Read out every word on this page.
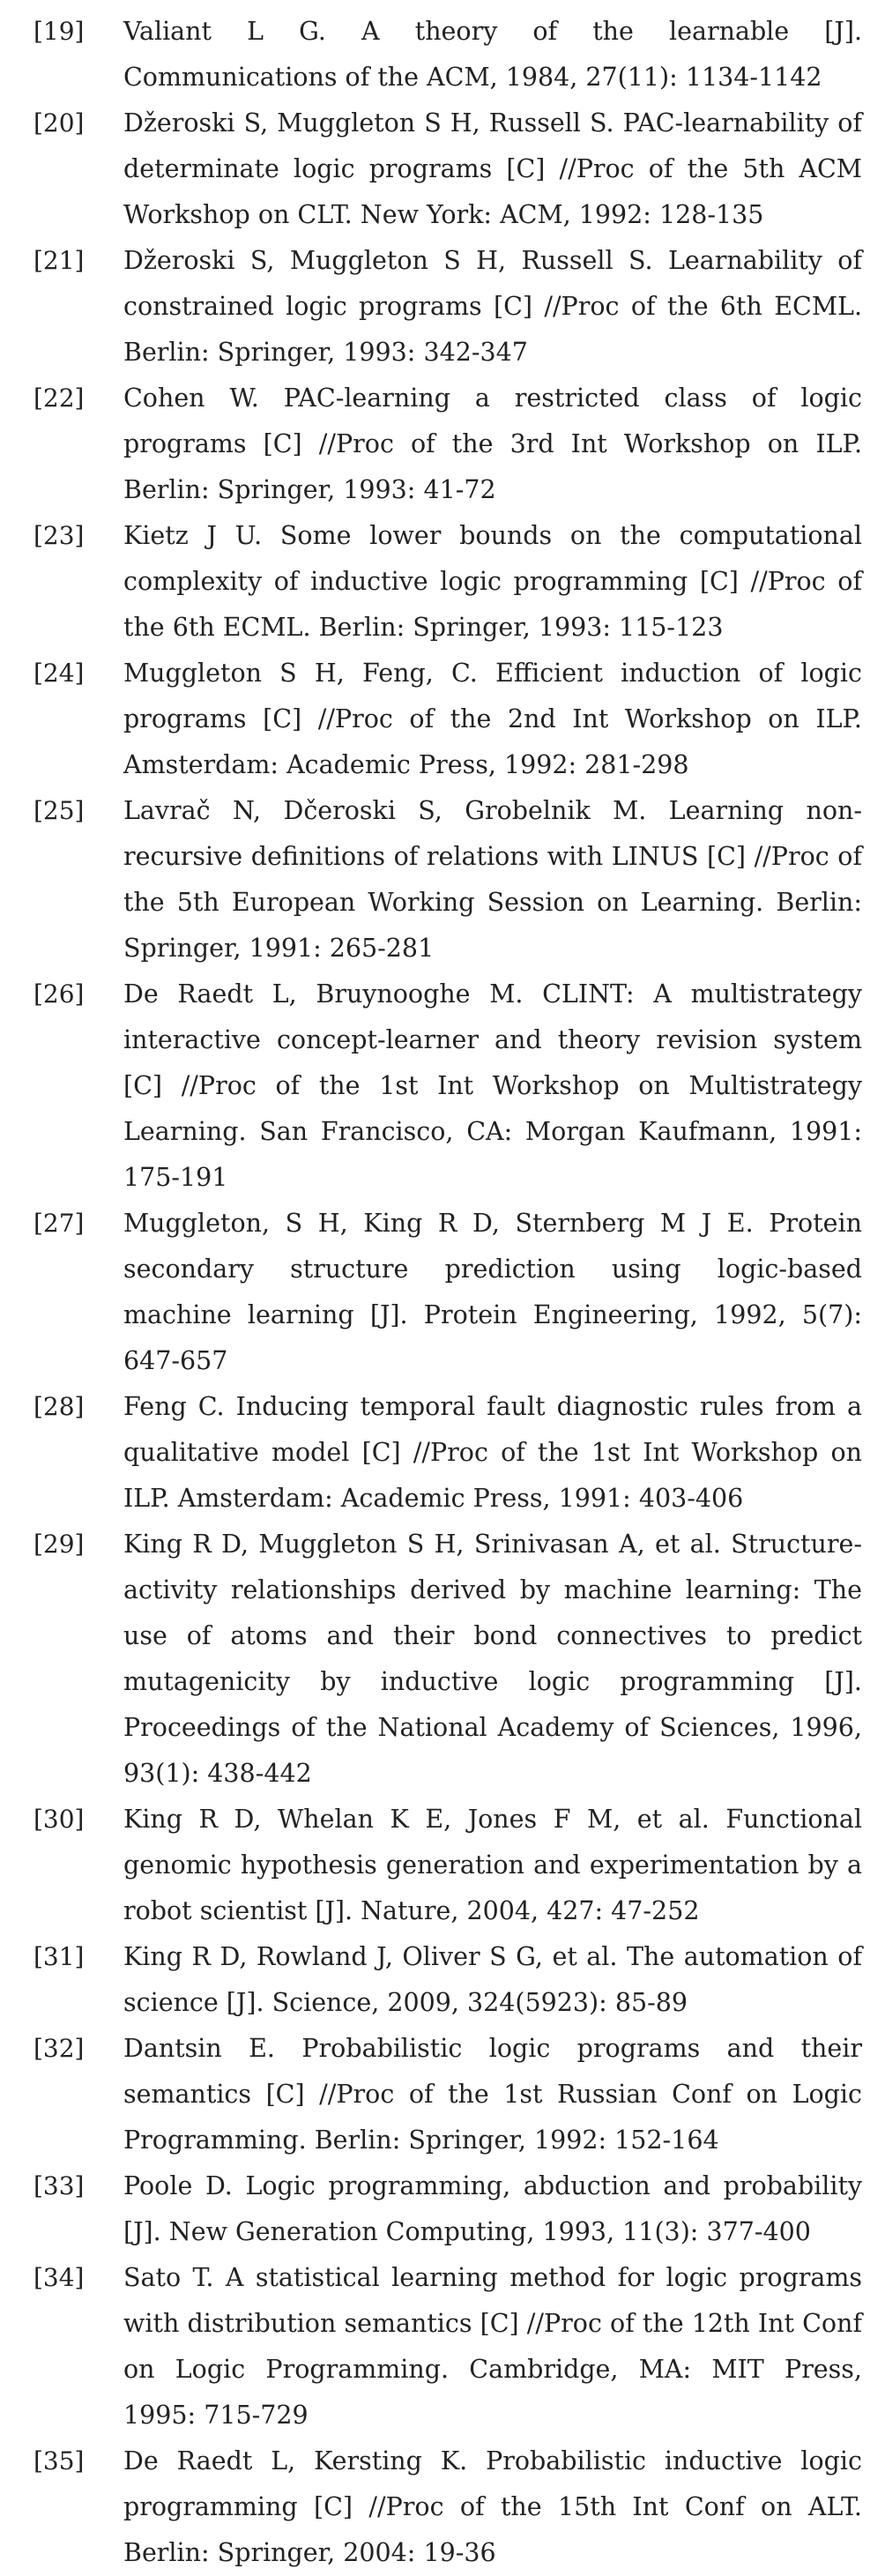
[19]	Valiant L G. A theory of the learnable [J]. Communications of the ACM, 1984, 27(11): 1134-1142
[20]	Džeroski S, Muggleton S H, Russell S. PAC-learnability of determinate logic programs [C] //Proc of the 5th ACM Workshop on CLT. New York: ACM, 1992: 128-135
[21]	Džeroski S, Muggleton S H, Russell S. Learnability of constrained logic programs [C] //Proc of the 6th ECML. Berlin: Springer, 1993: 342-347
[22]	Cohen W. PAC-learning a restricted class of logic programs [C] //Proc of the 3rd Int Workshop on ILP. Berlin: Springer, 1993: 41-72
[23]	Kietz J U. Some lower bounds on the computational complexity of inductive logic programming [C] //Proc of the 6th ECML. Berlin: Springer, 1993: 115-123
[24]	Muggleton S H, Feng, C. Efficient induction of logic programs [C] //Proc of the 2nd Int Workshop on ILP. Amsterdam: Academic Press, 1992: 281-298
[25]	Lavrač N, Dčeroski S, Grobelnik M. Learning non-recursive definitions of relations with LINUS [C] //Proc of the 5th European Working Session on Learning. Berlin: Springer, 1991: 265-281
[26]	De Raedt L, Bruynooghe M. CLINT: A multistrategy interactive concept-learner and theory revision system [C] //Proc of the 1st Int Workshop on Multistrategy Learning. San Francisco, CA: Morgan Kaufmann, 1991: 175-191
[27]	Muggleton, S H, King R D, Sternberg M J E. Protein secondary structure prediction using logic-based machine learning [J]. Protein Engineering, 1992, 5(7): 647-657
[28]	Feng C. Inducing temporal fault diagnostic rules from a qualitative model [C] //Proc of the 1st Int Workshop on ILP. Amsterdam: Academic Press, 1991: 403-406
[29]	King R D, Muggleton S H, Srinivasan A, et al. Structure-activity relationships derived by machine learning: The use of atoms and their bond connectives to predict mutagenicity by inductive logic programming [J]. Proceedings of the National Academy of Sciences, 1996, 93(1): 438-442
[30]	King R D, Whelan K E, Jones F M, et al. Functional genomic hypothesis generation and experimentation by a robot scientist [J]. Nature, 2004, 427: 47-252
[31]	King R D, Rowland J, Oliver S G, et al. The automation of science [J]. Science, 2009, 324(5923): 85-89
[32]	Dantsin E. Probabilistic logic programs and their semantics [C] //Proc of the 1st Russian Conf on Logic Programming. Berlin: Springer, 1992: 152-164
[33]	Poole D. Logic programming, abduction and probability [J]. New Generation Computing, 1993, 11(3): 377-400
[34]	Sato T. A statistical learning method for logic programs with distribution semantics [C] //Proc of the 12th Int Conf on Logic Programming. Cambridge, MA: MIT Press, 1995: 715-729
[35]	De Raedt L, Kersting K. Probabilistic inductive logic programming [C] //Proc of the 15th Int Conf on ALT. Berlin: Springer, 2004: 19-36
